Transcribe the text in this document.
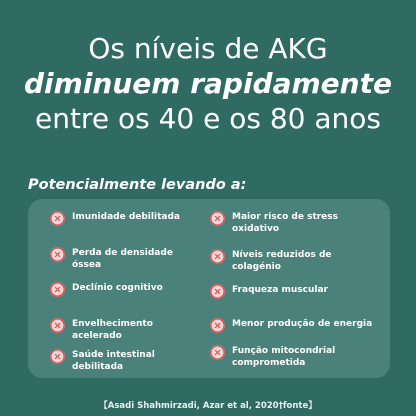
Os níveis de AKG
diminuem rapidamente
entre os 40 e os 80 anos
Potencialmente levando a:
Imunidade debilitada
Perda de densidade óssea
Declínio cognitivo
Envelhecimento acelerado
Saúde intestinal debilitada
Maior risco de stress oxidativo
Níveis reduzidos de colagénio
Fraqueza muscular
Menor produção de energia
Função mitocondrial comprometida
【Asadi Shahmirzadi, Azar et al, 2020†fonte】
